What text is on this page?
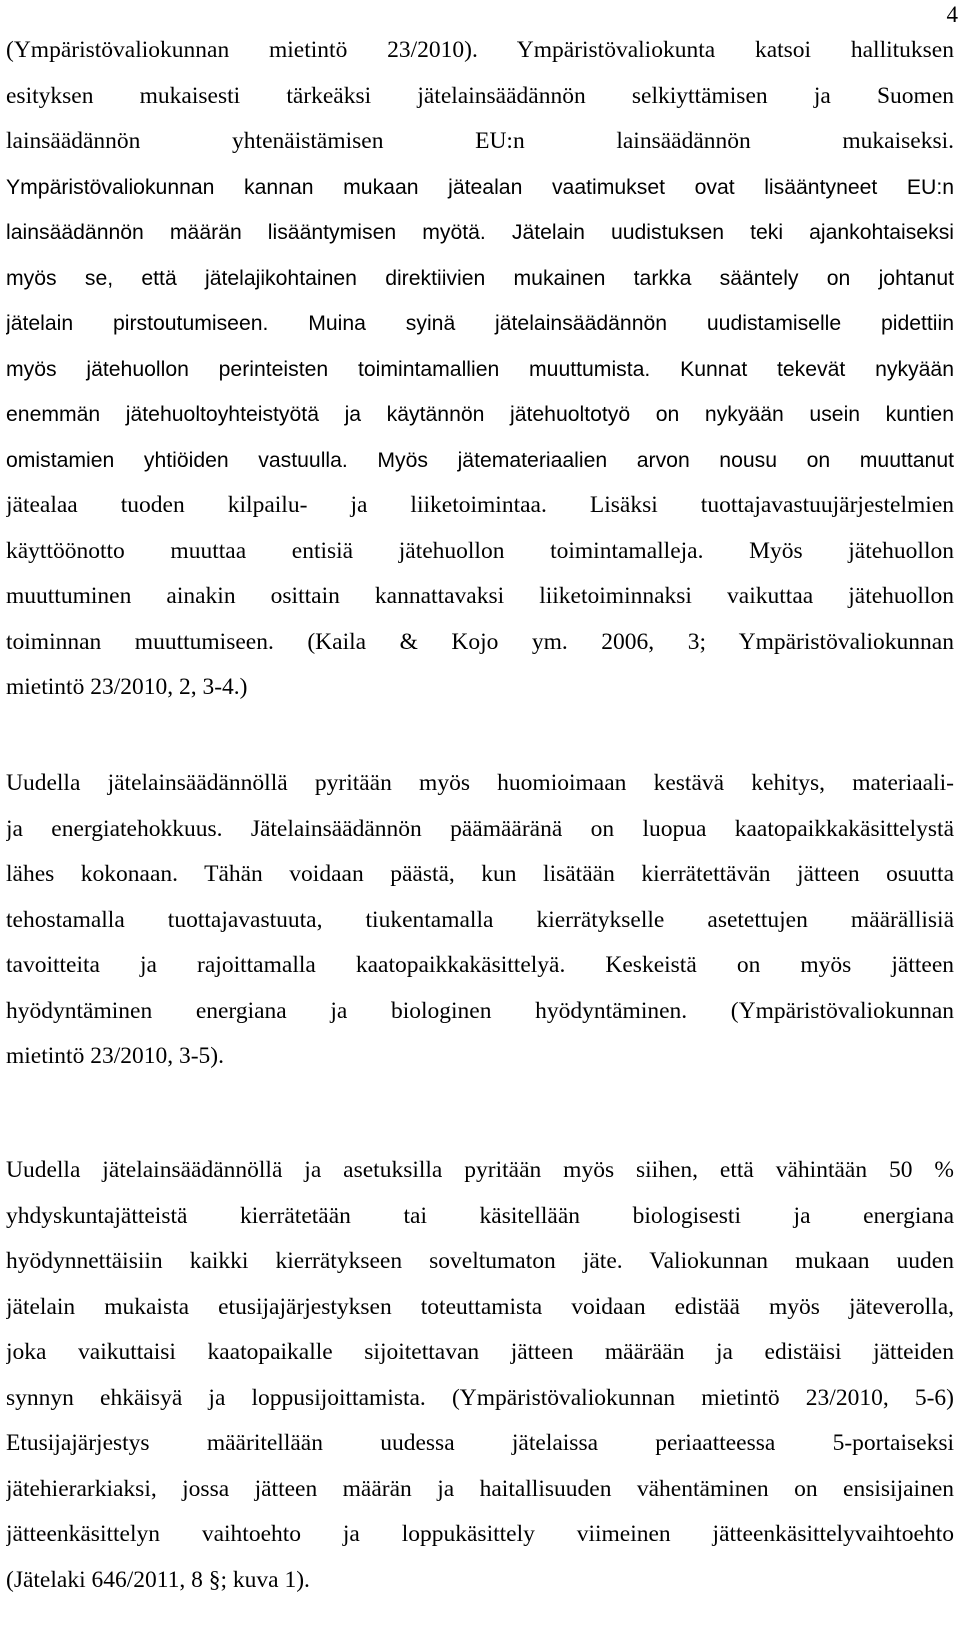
4
(Ympäristövaliokunnan mietintö 23/2010). Ympäristövaliokunta katsoi hallituksen
esityksen mukaisesti tärkeäksi jätelainsäädännön selkiyttämisen ja Suomen
lainsäädännön yhtenäistämisen EU:n lainsäädännön mukaiseksi.
Ympäristövaliokunnan kannan mukaan jätealan vaatimukset ovat lisääntyneet EU:n
lainsäädännön määrän lisääntymisen myötä. Jätelain uudistuksen teki ajankohtaiseksi
myös se, että jätelajikohtainen direktiivien mukainen tarkka sääntely on johtanut
jätelain pirstoutumiseen. Muina syinä jätelainsäädännön uudistamiselle pidettiin
myös jätehuollon perinteisten toimintamallien muuttumista. Kunnat tekevät nykyään
enemmän jätehuoltoyhteistyötä ja käytännön jätehuoltotyö on nykyään usein kuntien
omistamien yhtiöiden vastuulla. Myös jätemateriaalien arvon nousu on muuttanut
jätealaa tuoden kilpailu- ja liiketoimintaa. Lisäksi tuottajavastuujärjestelmien
käyttöönotto muuttaa entisiä jätehuollon toimintamalleja. Myös jätehuollon
muuttuminen ainakin osittain kannattavaksi liiketoiminnaksi vaikuttaa jätehuollon
toiminnan muuttumiseen. (Kaila & Kojo ym. 2006, 3; Ympäristövaliokunnan
mietintö 23/2010, 2, 3-4.)
Uudella jätelainsäädännöllä pyritään myös huomioimaan kestävä kehitys, materiaali-
ja energiatehokkuus. Jätelainsäädännön päämääränä on luopua kaatopaikkakäsittelystä
lähes kokonaan. Tähän voidaan päästä, kun lisätään kierrätettävän jätteen osuutta
tehostamalla tuottajavastuuta, tiukentamalla kierrätykselle asetettujen määrällisiä
tavoitteita ja rajoittamalla kaatopaikkakäsittelyä. Keskeistä on myös jätteen
hyödyntäminen energiana ja biologinen hyödyntäminen. (Ympäristövaliokunnan
mietintö 23/2010, 3-5).
Uudella jätelainsäädännöllä ja asetuksilla pyritään myös siihen, että vähintään 50 %
yhdyskuntajätteistä kierrätetään tai käsitellään biologisesti ja energiana
hyödynnettäisiin kaikki kierrätykseen soveltumaton jäte. Valiokunnan mukaan uuden
jätelain mukaista etusijajärjestyksen toteuttamista voidaan edistää myös jäteverolla,
joka vaikuttaisi kaatopaikalle sijoitettavan jätteen määrään ja edistäisi jätteiden
synnyn ehkäisyä ja loppusijoittamista. (Ympäristövaliokunnan mietintö 23/2010, 5-6)
Etusijajärjestys määritellään uudessa jätelaissa periaatteessa 5-portaiseksi
jätehierarkiaksi, jossa jätteen määrän ja haitallisuuden vähentäminen on ensisijainen
jätteenkäsittelyn vaihtoehto ja loppukäsittely viimeinen jätteenkäsittelyvaihtoehto
(Jätelaki 646/2011, 8 §; kuva 1).
